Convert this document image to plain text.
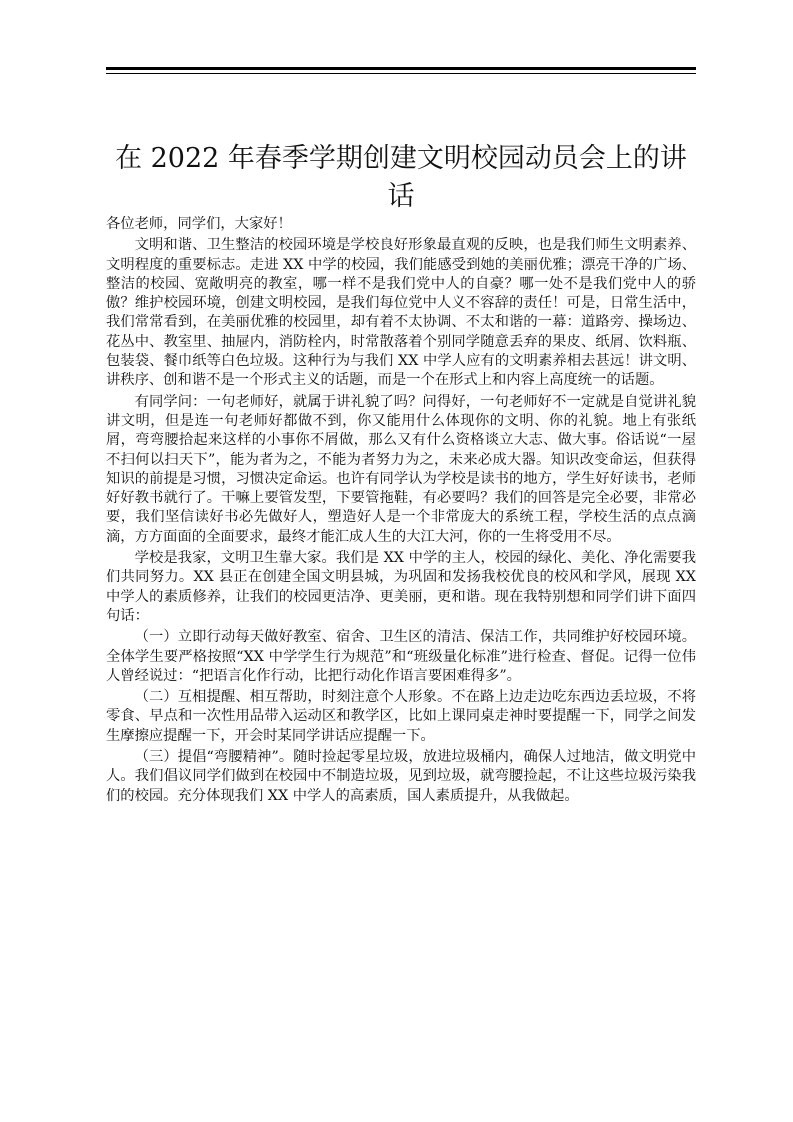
在 2022 年春季学期创建文明校园动员会上的讲话

各位老师，同学们，大家好！

文明和谐、卫生整洁的校园环境是学校良好形象最直观的反映，也是我们师生文明素养、文明程度的重要标志。走进 XX 中学的校园，我们能感受到她的美丽优雅；漂亮干净的广场、整洁的校园、宽敞明亮的教室，哪一样不是我们党中人的自豪？哪一处不是我们党中人的骄傲？维护校园环境，创建文明校园，是我们每位党中人义不容辞的责任！可是，日常生活中，我们常常看到，在美丽优雅的校园里，却有着不太协调、不太和谐的一幕：道路旁、操场边、花丛中、教室里、抽屉内，消防栓内，时常散落着个别同学随意丢弃的果皮、纸屑、饮料瓶、包装袋、餐巾纸等白色垃圾。这种行为与我们 XX 中学人应有的文明素养相去甚远！讲文明、讲秩序、创和谐不是一个形式主义的话题，而是一个在形式上和内容上高度统一的话题。

有同学问：一句老师好，就属于讲礼貌了吗？问得好，一句老师好不一定就是自觉讲礼貌讲文明，但是连一句老师好都做不到，你又能用什么体现你的文明、你的礼貌。地上有张纸屑，弯弯腰拾起来这样的小事你不屑做，那么又有什么资格谈立大志、做大事。俗话说“一屋不扫何以扫天下”，能为者为之，不能为者努力为之，未来必成大器。知识改变命运，但获得知识的前提是习惯，习惯决定命运。也许有同学认为学校是读书的地方，学生好好读书，老师好好教书就行了。干嘛上要管发型，下要管拖鞋，有必要吗？我们的回答是完全必要，非常必要，我们坚信读好书必先做好人，塑造好人是一个非常庞大的系统工程，学校生活的点点滴滴，方方面面的全面要求，最终才能汇成人生的大江大河，你的一生将受用不尽。

学校是我家，文明卫生靠大家。我们是 XX 中学的主人，校园的绿化、美化、净化需要我们共同努力。XX 县正在创建全国文明县城，为巩固和发扬我校优良的校风和学风，展现 XX 中学人的素质修养，让我们的校园更洁净、更美丽，更和谐。现在我特别想和同学们讲下面四句话：

（一）立即行动每天做好教室、宿舍、卫生区的清洁、保洁工作，共同维护好校园环境。全体学生要严格按照“XX 中学学生行为规范”和“班级量化标准”进行检查、督促。记得一位伟人曾经说过：“把语言化作行动，比把行动化作语言要困难得多”。

（二）互相提醒、相互帮助，时刻注意个人形象。不在路上边走边吃东西边丢垃圾，不将零食、早点和一次性用品带入运动区和教学区，比如上课同桌走神时要提醒一下，同学之间发生摩擦应提醒一下，开会时某同学讲话应提醒一下。

（三）提倡“弯腰精神”。随时捡起零星垃圾，放进垃圾桶内，确保人过地洁，做文明党中人。我们倡议同学们做到在校园中不制造垃圾，见到垃圾，就弯腰捡起，不让这些垃圾污染我们的校园。充分体现我们 XX 中学人的高素质，国人素质提升，从我做起。
